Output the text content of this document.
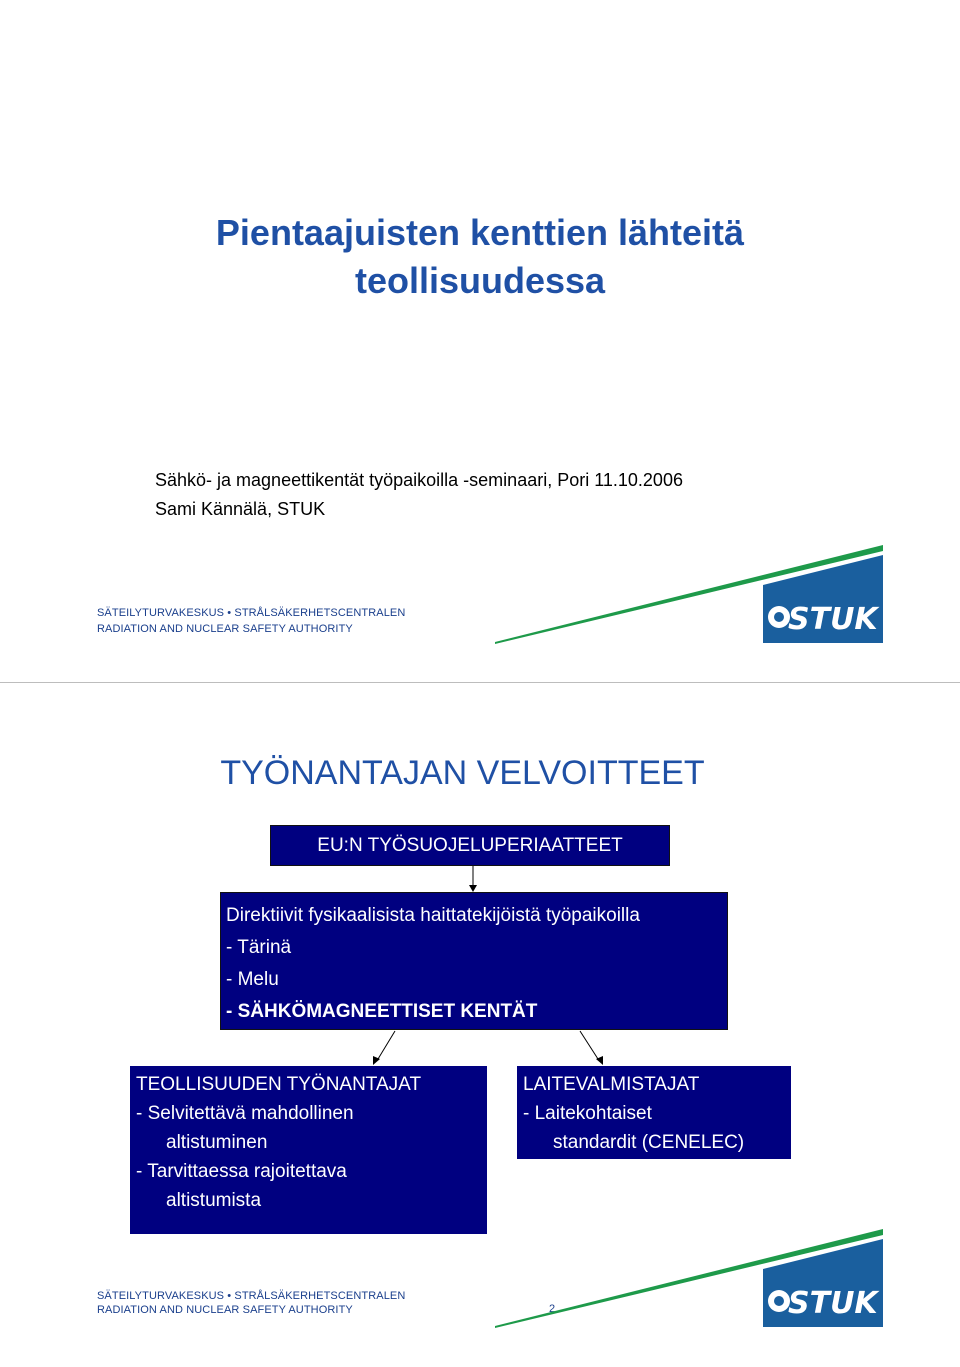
Pientaajuisten kenttien lähteitä
teollisuudessa
Sähkö- ja magneettikentät työpaikoilla -seminaari, Pori 11.10.2006
Sami Kännälä, STUK
SÄTEILYTURVAKESKUS • STRÅLSÄKERHETSCENTRALEN
RADIATION AND NUCLEAR SAFETY AUTHORITY	STUK
TYÖNANTAJAN VELVOITTEET
EU:N TYÖSUOJELUPERIAATTEET
Direktiivit fysikaalisista haittatekijöistä työpaikoilla
- Tärinä
- Melu
- SÄHKÖMAGNEETTISET KENTÄT
TEOLLISUUDEN TYÖNANTAJAT
- Selvitettävä mahdollinen
altistuminen
- Tarvittaessa rajoitettava
altistumista
LAITEVALMISTAJAT
- Laitekohtaiset
standardit (CENELEC)
SÄTEILYTURVAKESKUS • STRÅLSÄKERHETSCENTRALEN
RADIATION AND NUCLEAR SAFETY AUTHORITY	2	STUK
